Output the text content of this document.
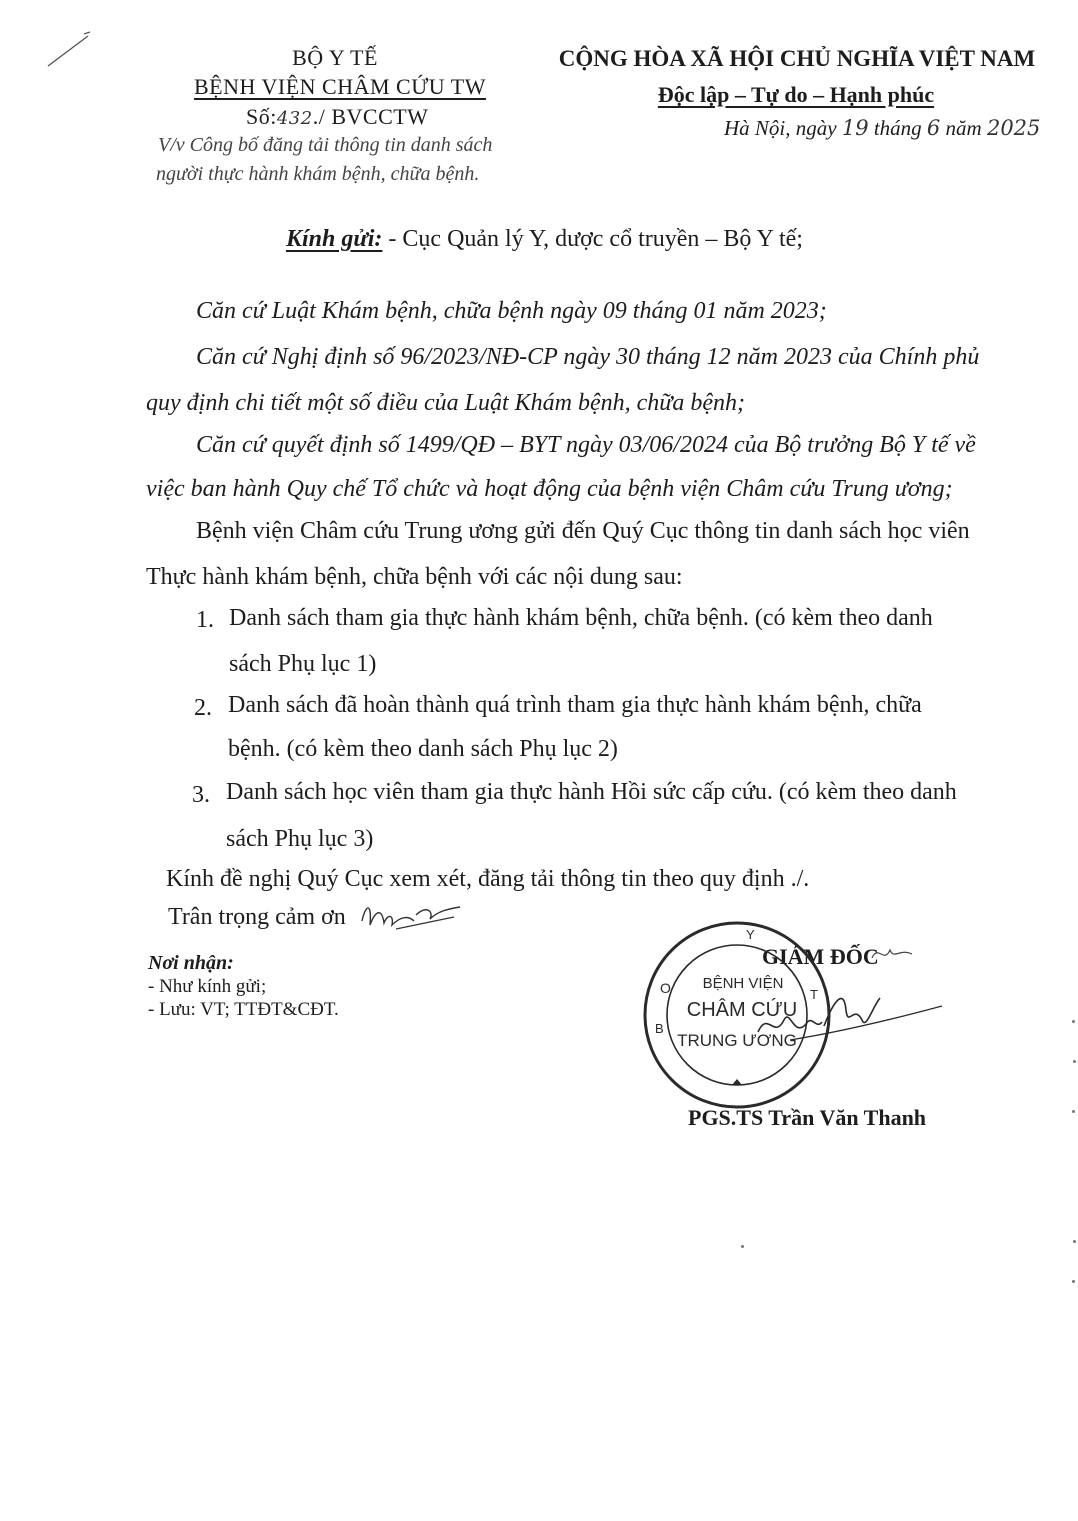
BỘ Y TẾ
BỆNH VIỆN CHÂM CỨU TW
Số:432./ BVCCTW
V/v Công bố đăng tải thông tin danh sách
người thực hành khám bệnh, chữa bệnh.
CỘNG HÒA XÃ HỘI CHỦ NGHĨA VIỆT NAM
Độc lập – Tự do – Hạnh phúc
Hà Nội, ngày 19 tháng 6 năm 2025
Kính gửi: - Cục Quản lý Y, dược cổ truyền – Bộ Y tế;
Căn cứ Luật Khám bệnh, chữa bệnh ngày 09 tháng 01 năm 2023;
Căn cứ Nghị định số 96/2023/NĐ-CP ngày 30 tháng 12 năm 2023 của Chính phủ
quy định chi tiết một số điều của Luật Khám bệnh, chữa bệnh;
Căn cứ quyết định số 1499/QĐ – BYT ngày 03/06/2024 của Bộ trưởng Bộ Y tế về
việc ban hành Quy chế Tổ chức và hoạt động của bệnh viện Châm cứu Trung ương;
Bệnh viện Châm cứu Trung ương gửi đến Quý Cục thông tin danh sách học viên
Thực hành khám bệnh, chữa bệnh với các nội dung sau:
1. Danh sách tham gia thực hành khám bệnh, chữa bệnh. (có kèm theo danh
sách Phụ lục 1)
2. Danh sách đã hoàn thành quá trình tham gia thực hành khám bệnh, chữa
bệnh. (có kèm theo danh sách Phụ lục 2)
3. Danh sách học viên tham gia thực hành Hồi sức cấp cứu. (có kèm theo danh
sách Phụ lục 3)
Kính đề nghị Quý Cục xem xét, đăng tải thông tin theo quy định ./.
Trân trọng cảm ơn
Nơi nhận:
- Như kính gửi;
- Lưu: VT; TTĐT&CĐT.
GIÁM ĐỐC
Y
O
B
T
BỆNH VIỆN
CHÂM CỨU
TRUNG ƯƠNG
PGS.TS Trần Văn Thanh
